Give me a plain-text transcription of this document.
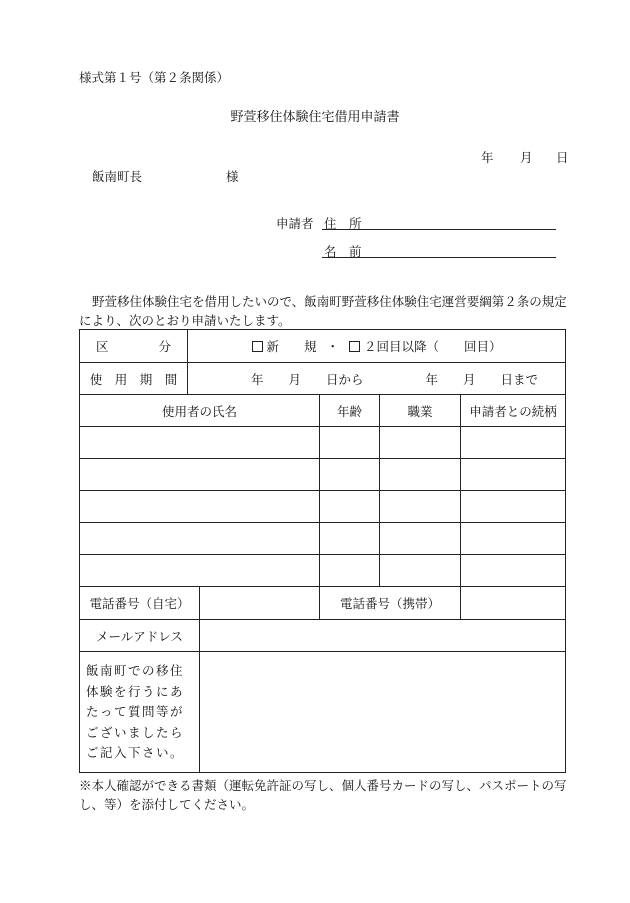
様式第１号（第２条関係）
野萱移住体験住宅借用申請書
年 月 日
飯南町長	様
申請者 住　所
名　前
野萱移住体験住宅を借用したいので、飯南町野萱移住体験住宅運営要綱第２条の規定により、次のとおり申請いたします。
区　　　　分	新　　規 ・ ２回目以降（　　回目）				
使　用　期　間	年　　月　　日から 年　　月　　日まで				
使用者の氏名			年齢	職業	申請者との続柄

電話番号（自宅）			電話番号（携帯）		
メールアドレス					
飯南町での移住体験を行うにあたって質問等がございましたらご記入下さい。					
※本人確認ができる書類（運転免許証の写し、個人番号カードの写し、パスポートの写し、等）を添付してください。
